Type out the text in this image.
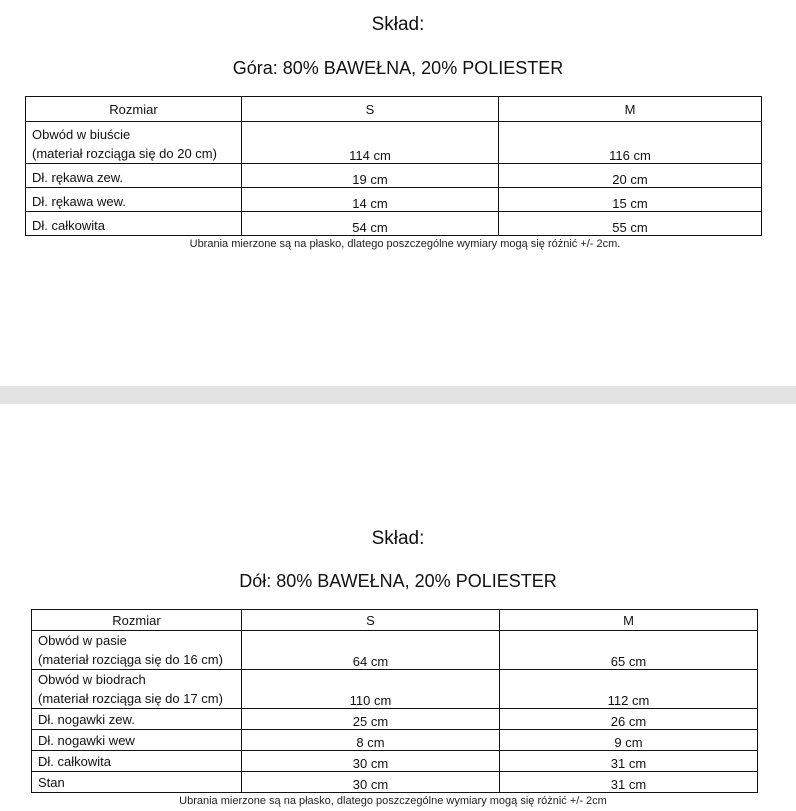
Skład:
Góra: 80% BAWEŁNA, 20% POLIESTER
Rozmiar	S	M

Obwód w biuście
(materiał rozciąga się do 20 cm)	114 cm	116 cm
Dł. rękawa zew.	19 cm	20 cm
Dł. rękawa wew.	14 cm	15 cm
Dł. całkowita	54 cm	55 cm
Ubrania mierzone są na płasko, dlatego poszczególne wymiary mogą się różnić +/- 2cm.
Skład:
Dół: 80% BAWEŁNA, 20% POLIESTER
Rozmiar	S	M

Obwód w pasie
(materiał rozciąga się do 16 cm)	64 cm	65 cm

Obwód w biodrach
(materiał rozciąga się do 17 cm)	110 cm	112 cm
Dł. nogawki zew.	25 cm	26 cm
Dł. nogawki wew	8 cm	9 cm
Dł. całkowita	30 cm	31 cm
Stan	30 cm	31 cm
Ubrania mierzone są na płasko, dlatego poszczególne wymiary mogą się różnić +/- 2cm
